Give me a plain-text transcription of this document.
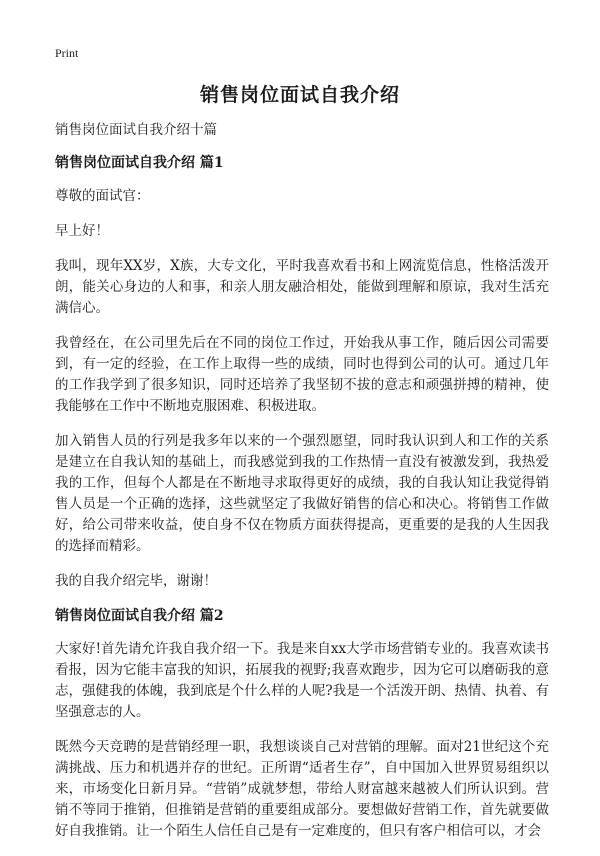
Print
销售岗位面试自我介绍

销售岗位面试自我介绍十篇

销售岗位面试自我介绍 篇1

尊敬的面试官：

早上好！

我叫，现年XX岁，X族，大专文化，平时我喜欢看书和上网流览信息，性格活泼开朗，能关心身边的人和事，和亲人朋友融洽相处，能做到理解和原谅，我对生活充满信心。

我曾经在，在公司里先后在不同的岗位工作过，开始我从事工作，随后因公司需要到，有一定的经验，在工作上取得一些的成绩，同时也得到公司的认可。通过几年的工作我学到了很多知识，同时还培养了我坚韧不拔的意志和顽强拼搏的精神，使我能够在工作中不断地克服困难、积极进取。

加入销售人员的行列是我多年以来的一个强烈愿望，同时我认识到人和工作的关系是建立在自我认知的基础上，而我感觉到我的工作热情一直没有被激发到，我热爱我的工作，但每个人都是在不断地寻求取得更好的成绩，我的自我认知让我觉得销售人员是一个正确的选择，这些就坚定了我做好销售的信心和决心。将销售工作做好，给公司带来收益，使自身不仅在物质方面获得提高，更重要的是我的人生因我的选择而精彩。

我的自我介绍完毕，谢谢！

销售岗位面试自我介绍 篇2

大家好!首先请允许我自我介绍一下。我是来自xx大学市场营销专业的。我喜欢读书看报，因为它能丰富我的知识，拓展我的视野;我喜欢跑步，因为它可以磨砺我的意志，强健我的体魄，我到底是个什么样的人呢?我是一个活泼开朗、热情、执着、有坚强意志的人。

既然今天竞聘的是营销经理一职，我想谈谈自己对营销的理解。面对21世纪这个充满挑战、压力和机遇并存的世纪。正所谓“适者生存”，自中国加入世界贸易组织以来，市场变化日新月异。“营销”成就梦想，带给人财富越来越被人们所认识到。营销不等同于推销，但推销是营销的重要组成部分。要想做好营销工作，首先就要做好自我推销。让一个陌生人信任自己是有一定难度的，但只有客户相信可以，才会
